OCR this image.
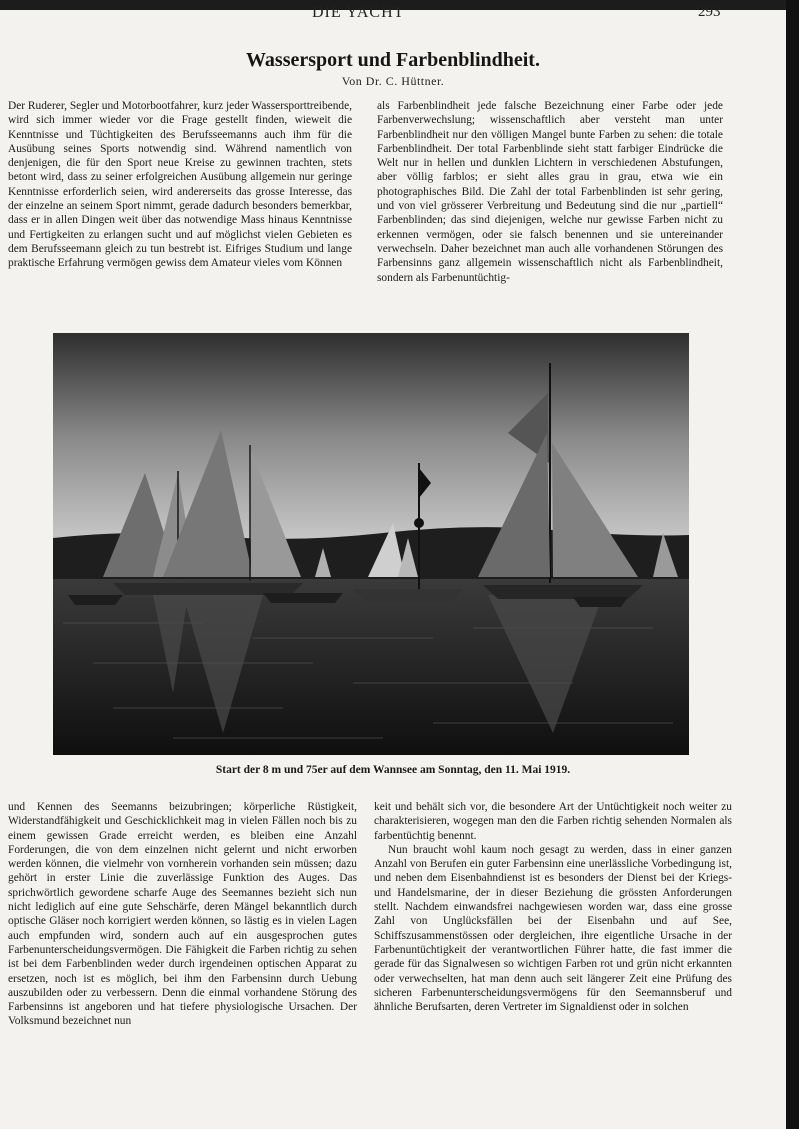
DIE YACHT	293
Wassersport und Farbenblindheit.
Von Dr. C. Hüttner.

Der Ruderer, Segler und Motorbootfahrer, kurz jeder Wassersporttreibende, wird sich immer wieder vor die Frage gestellt finden, wieweit die Kenntnisse und Tüchtigkeiten des Berufsseemanns auch ihm für die Ausübung seines Sports notwendig sind. Während namentlich von denjenigen, die für den Sport neue Kreise zu gewinnen trachten, stets betont wird, dass zu seiner erfolgreichen Ausübung allgemein nur geringe Kenntnisse erforderlich seien, wird andererseits das grosse Interesse, das der einzelne an seinem Sport nimmt, gerade dadurch besonders bemerkbar, dass er in allen Dingen weit über das notwendige Mass hinaus Kenntnisse und Fertigkeiten zu erlangen sucht und auf möglichst vielen Gebieten es dem Berufsseemann gleich zu tun bestrebt ist. Eifriges Studium und lange praktische Erfahrung vermögen gewiss dem Amateur vieles vom Können

als Farbenblindheit jede falsche Bezeichnung einer Farbe oder jede Farbenverwechslung; wissenschaftlich aber versteht man unter Farbenblindheit nur den völligen Mangel bunte Farben zu sehen: die totale Farbenblindheit. Der total Farbenblinde sieht statt farbiger Eindrücke die Welt nur in hellen und dunklen Lichtern in verschiedenen Abstufungen, aber völlig farblos; er sieht alles grau in grau, etwa wie ein photographisches Bild. Die Zahl der total Farbenblinden ist sehr gering, und von viel grösserer Verbreitung und Bedeutung sind die nur „partiell“ Farbenblinden; das sind diejenigen, welche nur gewisse Farben nicht zu erkennen vermögen, oder sie falsch benennen und sie untereinander verwechseln. Daher bezeichnet man auch alle vorhandenen Störungen des Farbensinns ganz allgemein wissenschaftlich nicht als Farbenblindheit, sondern als Farbenuntüchtig-

Start der 8 m und 75er auf dem Wannsee am Sonntag, den 11. Mai 1919.

und Kennen des Seemanns beizubringen; körperliche Rüstigkeit, Widerstandfähigkeit und Geschicklichkeit mag in vielen Fällen noch bis zu einem gewissen Grade erreicht werden, es bleiben eine Anzahl Forderungen, die von dem einzelnen nicht gelernt und nicht erworben werden können, die vielmehr von vornherein vorhanden sein müssen; dazu gehört in erster Linie die zuverlässige Funktion des Auges. Das sprichwörtlich gewordene scharfe Auge des Seemannes bezieht sich nun nicht lediglich auf eine gute Sehschärfe, deren Mängel bekanntlich durch optische Gläser noch korrigiert werden können, so lästig es in vielen Lagen auch empfunden wird, sondern auch auf ein ausgesprochen gutes Farbenunterscheidungsvermögen. Die Fähigkeit die Farben richtig zu sehen ist bei dem Farbenblinden weder durch irgendeinen optischen Apparat zu ersetzen, noch ist es möglich, bei ihm den Farbensinn durch Uebung auszubilden oder zu verbessern. Denn die einmal vorhandene Störung des Farbensinns ist angeboren und hat tiefere physiologische Ursachen. Der Volksmund bezeichnet nun

keit und behält sich vor, die besondere Art der Untüchtigkeit noch weiter zu charakterisieren, wogegen man den die Farben richtig sehenden Normalen als farbentüchtig benennt.

Nun braucht wohl kaum noch gesagt zu werden, dass in einer ganzen Anzahl von Berufen ein guter Farbensinn eine unerlässliche Vorbedingung ist, und neben dem Eisenbahndienst ist es besonders der Dienst bei der Kriegs- und Handelsmarine, der in dieser Beziehung die grössten Anforderungen stellt. Nachdem einwandsfrei nachgewiesen worden war, dass eine grosse Zahl von Unglücksfällen bei der Eisenbahn und auf See, Schiffszusammenstössen oder dergleichen, ihre eigentliche Ursache in der Farbenuntüchtigkeit der verantwortlichen Führer hatte, die fast immer die gerade für das Signalwesen so wichtigen Farben rot und grün nicht erkannten oder verwechselten, hat man denn auch seit längerer Zeit eine Prüfung des sicheren Farbenunterscheidungsvermögens für den Seemannsberuf und ähnliche Berufsarten, deren Vertreter im Signaldienst oder in solchen
